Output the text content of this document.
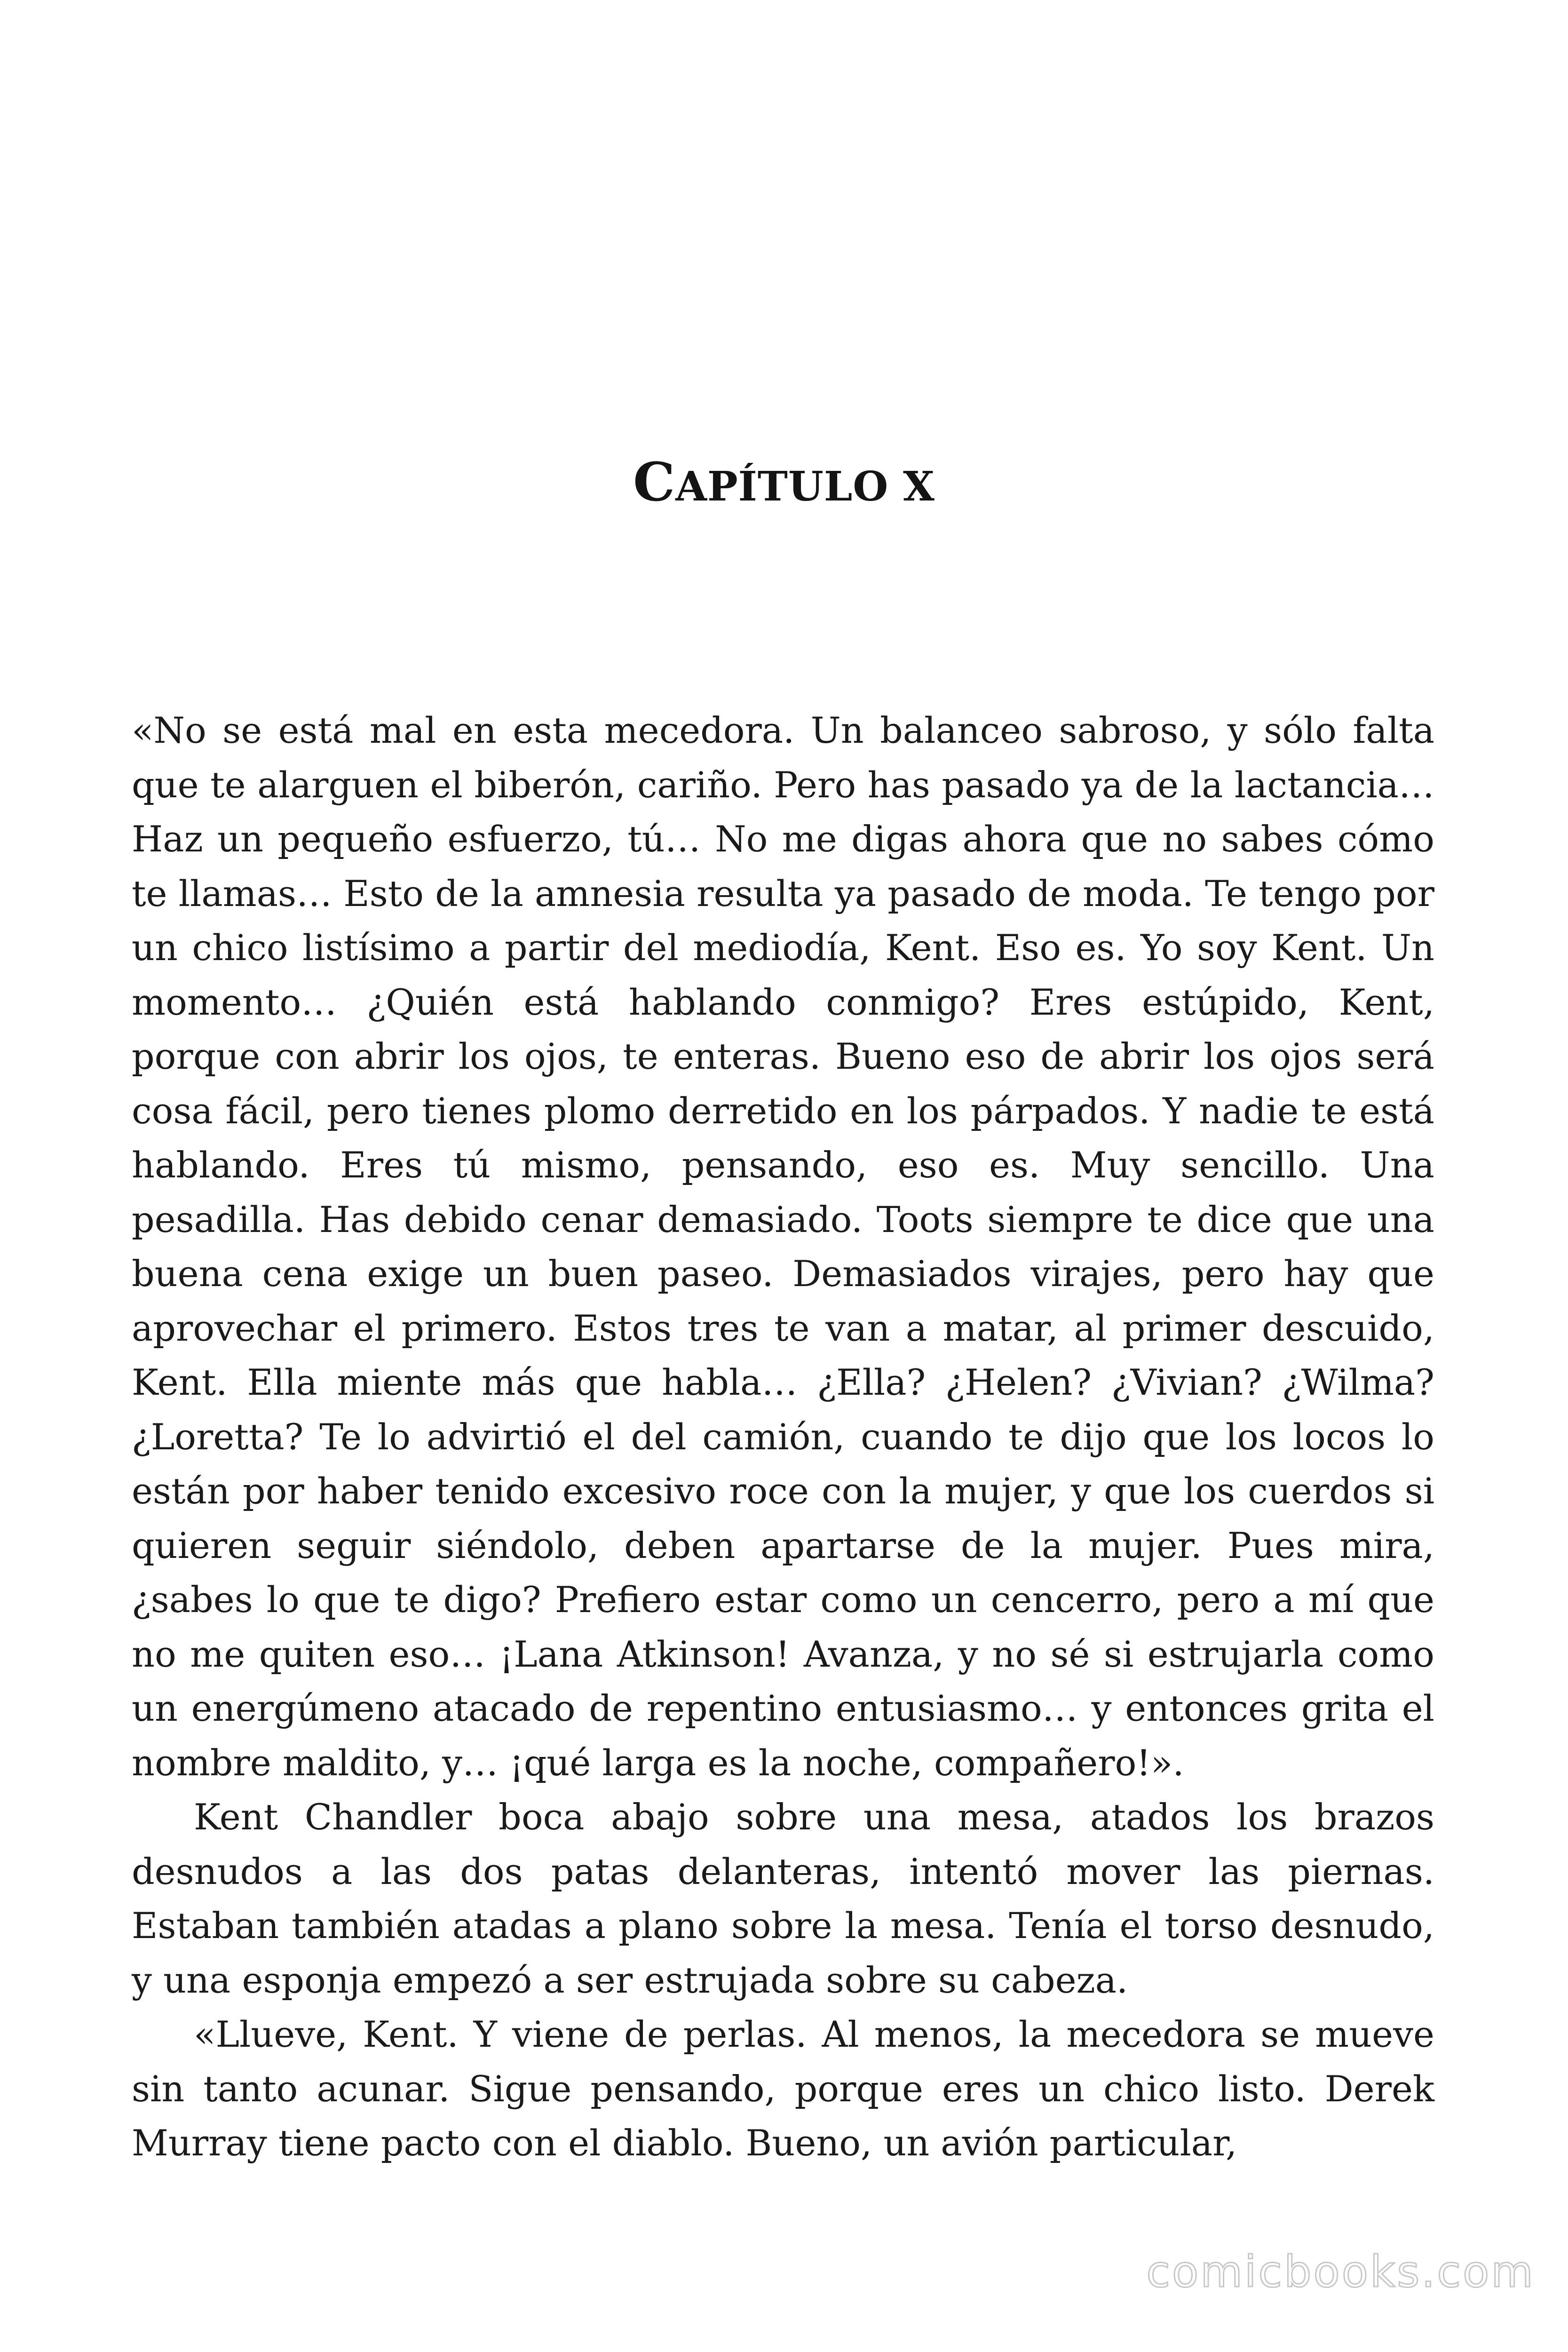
CAPÍTULO X

«No se está mal en esta mecedora. Un balanceo sabroso, y sólo falta que te alarguen el biberón, cariño. Pero has pasado ya de la lactancia… Haz un pequeño esfuerzo, tú… No me digas ahora que no sabes cómo te llamas… Esto de la amnesia resulta ya pasado de moda. Te tengo por un chico listísimo a partir del mediodía, Kent. Eso es. Yo soy Kent. Un momento… ¿Quién está hablando conmigo? Eres estúpido, Kent, porque con abrir los ojos, te enteras. Bueno eso de abrir los ojos será cosa fácil, pero tienes plomo derretido en los párpados. Y nadie te está hablando. Eres tú mismo, pensando, eso es. Muy sencillo. Una pesadilla. Has debido cenar demasiado. Toots siempre te dice que una buena cena exige un buen paseo. Demasiados virajes, pero hay que aprovechar el primero. Estos tres te van a matar, al primer descuido, Kent. Ella miente más que habla… ¿Ella? ¿Helen? ¿Vivian? ¿Wilma? ¿Loretta? Te lo advirtió el del camión, cuando te dijo que los locos lo están por haber tenido excesivo roce con la mujer, y que los cuerdos si quieren seguir siéndolo, deben apartarse de la mujer. Pues mira, ¿sabes lo que te digo? Prefiero estar como un cencerro, pero a mí que no me quiten eso… ¡Lana Atkinson! Avanza, y no sé si estrujarla como un energúmeno atacado de repentino entusiasmo… y entonces grita el nombre maldito, y… ¡qué larga es la noche, compañero!».

Kent Chandler boca abajo sobre una mesa, atados los brazos desnudos a las dos patas delanteras, intentó mover las piernas. Estaban también atadas a plano sobre la mesa. Tenía el torso desnudo, y una esponja empezó a ser estrujada sobre su cabeza.

«Llueve, Kent. Y viene de perlas. Al menos, la mecedora se mueve sin tanto acunar. Sigue pensando, porque eres un chico listo. Derek Murray tiene pacto con el diablo. Bueno, un avión particular,

comicbooks.com
